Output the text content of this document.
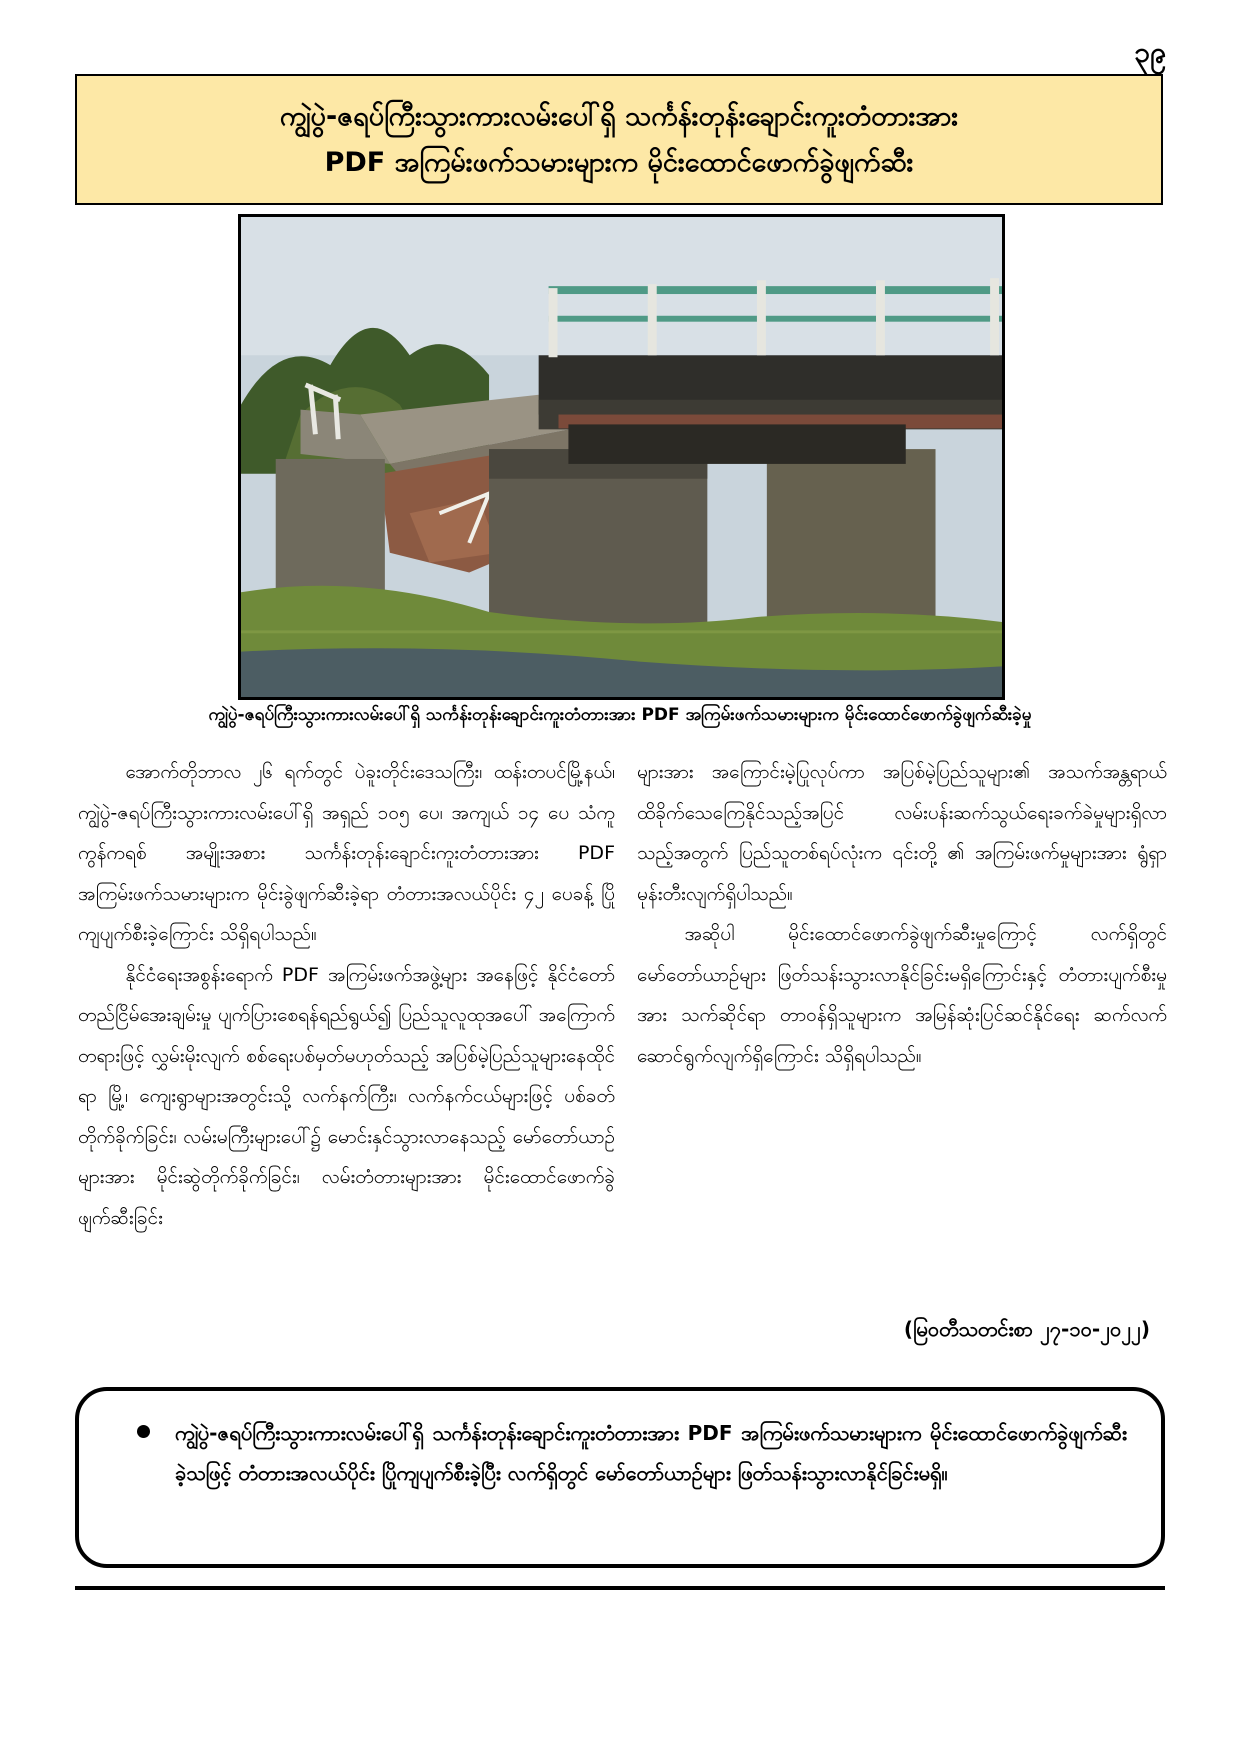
၃၉
ကျွဲပွဲ-ဇရပ်ကြီးသွားကားလမ်းပေါ်ရှိ သင်္ကန်းတုန်းချောင်းကူးတံတားအား
PDF အကြမ်းဖက်သမားများက မိုင်းထောင်ဖောက်ခွဲဖျက်ဆီး
ကျွဲပွဲ-ဇရပ်ကြီးသွားကားလမ်းပေါ်ရှိ သင်္ကန်းတုန်းချောင်းကူးတံတားအား PDF အကြမ်းဖက်သမားများက မိုင်းထောင်ဖောက်ခွဲဖျက်ဆီးခဲ့မှု

အောက်တိုဘာလ ၂၆ ရက်တွင် ပဲခူးတိုင်းဒေသကြီး၊ ထန်းတပင်မြို့နယ်၊ ကျွဲပွဲ-ဇရပ်ကြီးသွားကားလမ်းပေါ်ရှိ အရှည် ၁၀၅ ပေ၊ အကျယ် ၁၄ ပေ သံကူကွန်ကရစ် အမျိုးအစား သင်္ကန်းတုန်းချောင်းကူးတံတားအား PDF အကြမ်းဖက်သမားများက မိုင်းခွဲဖျက်ဆီးခဲ့ရာ တံတားအလယ်ပိုင်း ၄၂ ပေခန့် ပြိုကျပျက်စီးခဲ့ကြောင်း သိရှိရပါသည်။

နိုင်ငံရေးအစွန်းရောက် PDF အကြမ်းဖက်အဖွဲ့များ အနေဖြင့် နိုင်ငံတော်တည်ငြိမ်အေးချမ်းမှု ပျက်ပြားစေရန်ရည်ရွယ်၍ ပြည်သူလူထုအပေါ် အကြောက်တရားဖြင့် လွှမ်းမိုးလျက် စစ်ရေးပစ်မှတ်မဟုတ်သည့် အပြစ်မဲ့ပြည်သူများနေထိုင်ရာ မြို့၊ ကျေးရွာများအတွင်းသို့ လက်နက်ကြီး၊ လက်နက်ငယ်များဖြင့် ပစ်ခတ်တိုက်ခိုက်ခြင်း၊ လမ်းမကြီးများပေါ်၌ မောင်းနှင်သွားလာနေသည့် မော်တော်ယာဉ်များအား မိုင်းဆွဲတိုက်ခိုက်ခြင်း၊ လမ်းတံတားများအား မိုင်းထောင်ဖောက်ခွဲဖျက်ဆီးခြင်း

များအား အကြောင်းမဲ့ပြုလုပ်ကာ အပြစ်မဲ့ပြည်သူများ၏ အသက်အန္တရာယ် ထိခိုက်သေကြေနိုင်သည့်အပြင် လမ်းပန်းဆက်သွယ်ရေးခက်ခဲမှုများရှိလာသည့်အတွက် ပြည်သူတစ်ရပ်လုံးက ၎င်းတို့ ၏ အကြမ်းဖက်မှုများအား ရွံရှာမုန်းတီးလျက်ရှိပါသည်။

အဆိုပါ မိုင်းထောင်ဖောက်ခွဲဖျက်ဆီးမှုကြောင့် လက်ရှိတွင် မော်တော်ယာဉ်များ ဖြတ်သန်းသွားလာနိုင်ခြင်းမရှိကြောင်းနှင့် တံတားပျက်စီးမှုအား သက်ဆိုင်ရာ တာဝန်ရှိသူများက အမြန်ဆုံးပြင်ဆင်နိုင်ရေး ဆက်လက်ဆောင်ရွက်လျက်ရှိကြောင်း သိရှိရပါသည်။

(မြဝတီသတင်းစာ ၂၇-၁၀-၂၀၂၂)
ကျွဲပွဲ-ဇရပ်ကြီးသွားကားလမ်းပေါ်ရှိ သင်္ကန်းတုန်းချောင်းကူးတံတားအား PDF အကြမ်းဖက်သမားများက မိုင်းထောင်ဖောက်ခွဲဖျက်ဆီးခဲ့သဖြင့် တံတားအလယ်ပိုင်း ပြိုကျပျက်စီးခဲ့ပြီး လက်ရှိတွင် မော်တော်ယာဉ်များ ဖြတ်သန်းသွားလာနိုင်ခြင်းမရှိ။
